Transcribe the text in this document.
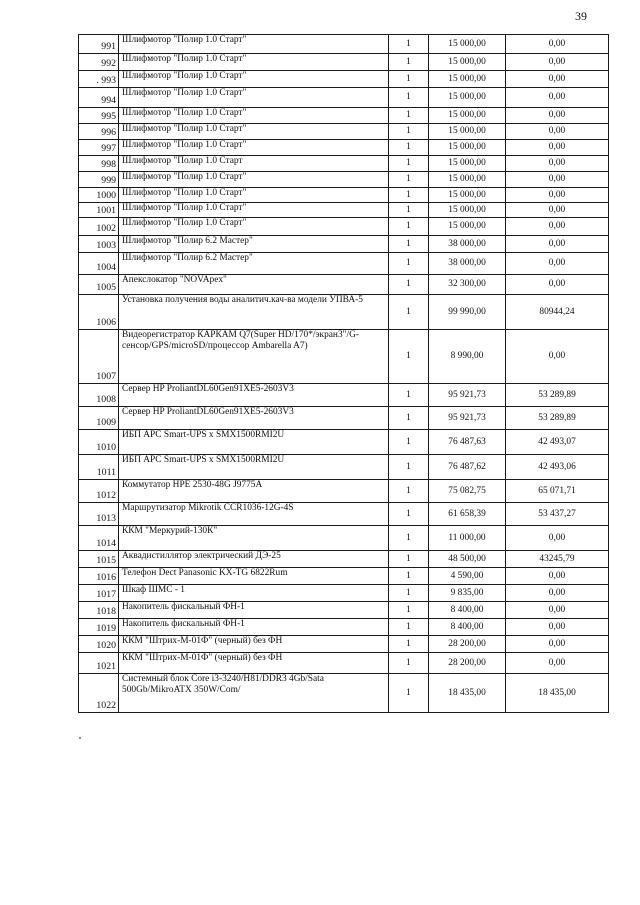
39
991	Шлифмотор "Полир 1.0 Старт"	1	15 000,00	0,00
992	Шлифмотор "Полир 1.0 Старт"	1	15 000,00	0,00
. 993	Шлифмотор "Полир 1.0 Старт"	1	15 000,00	0,00
994	Шлифмотор "Полир 1.0 Старт"	1	15 000,00	0,00
995	Шлифмотор "Полир 1.0 Старт"	1	15 000,00	0,00
996	Шлифмотор "Полир 1.0 Старт"	1	15 000,00	0,00
997	Шлифмотор "Полир 1.0 Старт"	1	15 000,00	0,00
998	Шлифмотор "Полир 1.0 Старт	1	15 000,00	0,00
999	Шлифмотор "Полир 1.0 Старт"	1	15 000,00	0,00
1000	Шлифмотор "Полир 1.0 Старт"	1	15 000,00	0,00
1001	Шлифмотор "Полир 1.0 Старт"	1	15 000,00	0,00
1002	Шлифмотор "Полир 1.0 Старт"	1	15 000,00	0,00
1003	Шлифмотор "Полир 6.2 Мастер"	1	38 000,00	0,00
1004	Шлифмотор "Полир 6.2 Мастер"	1	38 000,00	0,00
1005	Апекслокатор "NOVApex"	1	32 300,00	0,00
1006	Установка получения воды аналитич.кач-ва модели УПВА-5	1	99 990,00	80944,24
1007	Видеорегистратор КАРКАМ Q7(Super HD/170*/экран3"/G-сенсор/GPS/microSD/процессор Ambarella A7)	1	8 990,00	0,00
1008	Сервер HP ProliantDL60Gen91XE5-2603V3	1	95 921,73	53 289,89
1009	Сервер HP ProliantDL60Gen91XE5-2603V3	1	95 921,73	53 289,89
1010	ИБП APC Smart-UPS x SMX1500RMI2U	1	76 487,63	42 493,07
1011	ИБП APC Smart-UPS x SMX1500RMI2U	1	76 487,62	42 493,06
1012	Коммутатор HPE 2530-48G J9775A	1	75 082,75	65 071,71
1013	Маршрутизатор Mikrotik CCR1036-12G-4S	1	61 658,39	53 437,27
1014	ККМ "Меркурий-130К"	1	11 000,00	0,00
1015	Аквадистиллятор электрический ДЭ-25	1	48 500,00	43245,79
1016	Телефон Dect Panasonic KX-TG 6822Rum	1	4 590,00	0,00
1017	Шкаф ШМС - 1	1	9 835,00	0,00
1018	Накопитель фискальный ФН-1	1	8 400,00	0,00
1019	Накопитель фискальный ФН-1	1	8 400,00	0,00
1020	ККМ "Штрих-М-01Ф" (черный) без ФН	1	28 200,00	0,00
1021	ККМ "Штрих-М-01Ф" (черный) без ФН	1	28 200,00	0,00
1022	Системный блок Core i3-3240/H81/DDR3 4Gb/Sata 500Gb/MikroATX 350W/Com/	1	18 435,00	18 435,00
